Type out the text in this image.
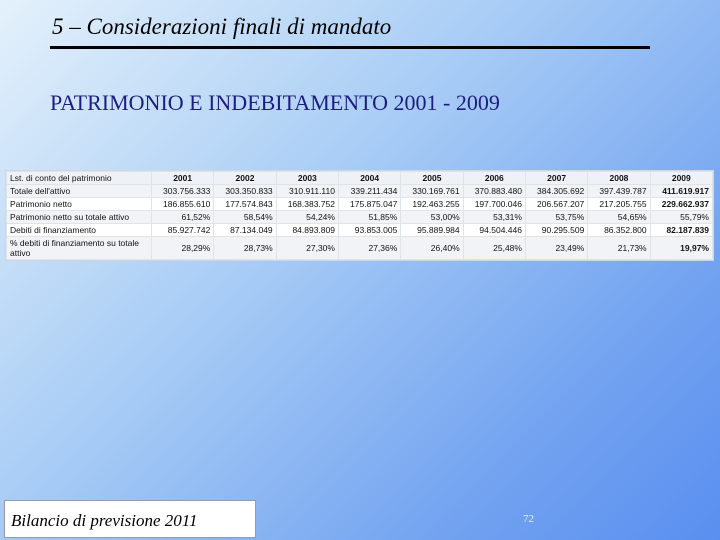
5 – Considerazioni finali di mandato
PATRIMONIO E INDEBITAMENTO 2001 - 2009
Lst. di conto del patrimonio	2001	2002	2003	2004	2005	2006	2007	2008	2009
Totale dell'attivo	303.756.333	303.350.833	310.911.110	339.211.434	330.169.761	370.883.480	384.305.692	397.439.787	411.619.917
Patrimonio netto	186.855.610	177.574.843	168.383.752	175.875.047	192.463.255	197.700.046	206.567.207	217.205.755	229.662.937
Patrimonio netto su totale attivo	61,52%	58,54%	54,24%	51,85%	53,00%	53,31%	53,75%	54,65%	55,79%
Debiti di finanziamento	85.927.742	87.134.049	84.893.809	93.853.005	95.889.984	94.504.446	90.295.509	86.352.800	82.187.839
% debiti di finanziamento su totale attivo	28,29%	28,73%	27,30%	27,36%	26,40%	25,48%	23,49%	21,73%	19,97%
Bilancio di previsione 2011	72
